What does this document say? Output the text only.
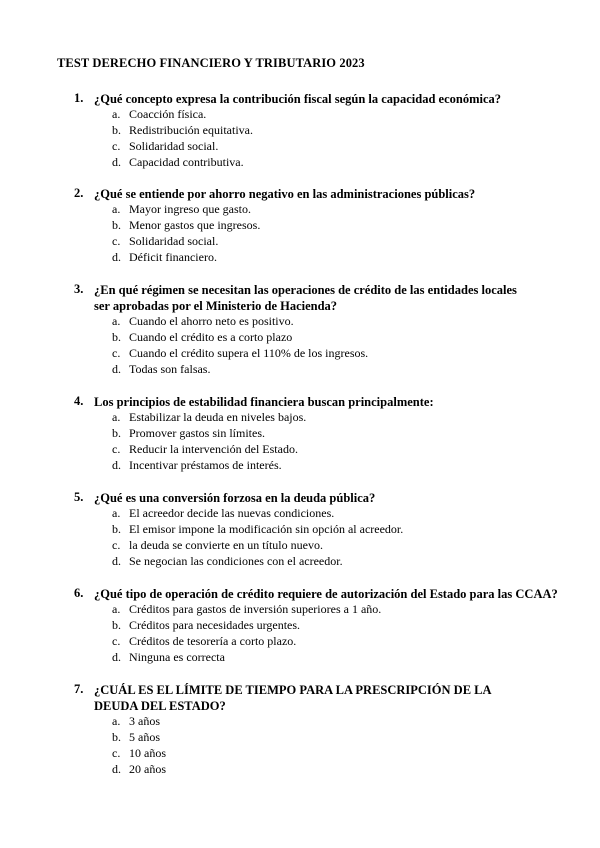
TEST DERECHO FINANCIERO Y TRIBUTARIO 2023
1. ¿Qué concepto expresa la contribución fiscal según la capacidad económica?
a. Coacción física.
b. Redistribución equitativa.
c. Solidaridad social.
d. Capacidad contributiva.
2. ¿Qué se entiende por ahorro negativo en las administraciones públicas?
a. Mayor ingreso que gasto.
b. Menor gastos que ingresos.
c. Solidaridad social.
d. Déficit financiero.
3. ¿En qué régimen se necesitan las operaciones de crédito de las entidades locales ser aprobadas por el Ministerio de Hacienda?
a. Cuando el ahorro neto es positivo.
b. Cuando el crédito es a corto plazo
c. Cuando el crédito supera el 110% de los ingresos.
d. Todas son falsas.
4. Los principios de estabilidad financiera buscan principalmente:
a. Estabilizar la deuda en niveles bajos.
b. Promover gastos sin límites.
c. Reducir la intervención del Estado.
d. Incentivar préstamos de interés.
5. ¿Qué es una conversión forzosa en la deuda pública?
a. El acreedor decide las nuevas condiciones.
b. El emisor impone la modificación sin opción al acreedor.
c. la deuda se convierte en un título nuevo.
d. Se negocian las condiciones con el acreedor.
6. ¿Qué tipo de operación de crédito requiere de autorización del Estado para las CCAA?
a. Créditos para gastos de inversión superiores a 1 año.
b. Créditos para necesidades urgentes.
c. Créditos de tesorería a corto plazo.
d. Ninguna es correcta
7. ¿CUÁL ES EL LÍMITE DE TIEMPO PARA LA PRESCRIPCIÓN DE LA DEUDA DEL ESTADO?
a. 3 años
b. 5 años
c. 10 años
d. 20 años
